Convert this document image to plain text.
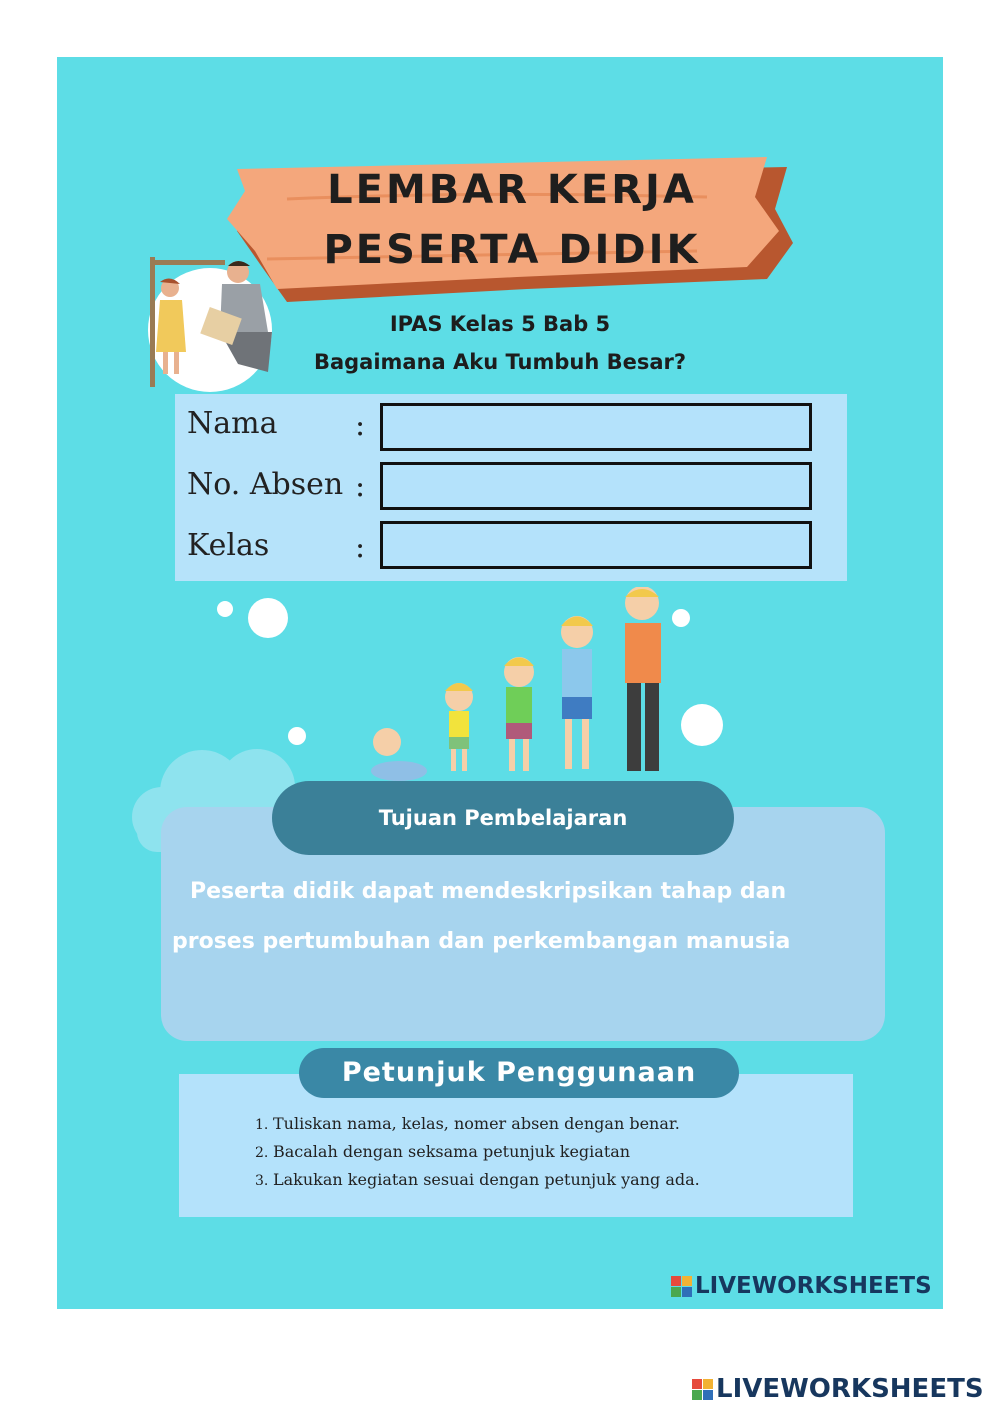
LEMBAR KERJA
PESERTA DIDIK
IPAS Kelas 5 Bab 5
Bagaimana Aku Tumbuh Besar?
Nama	:
No. Absen :
Kelas	:
Tujuan Pembelajaran
Peserta didik dapat mendeskripsikan tahap dan
proses pertumbuhan dan perkembangan manusia
Petunjuk Penggunaan
1. Tuliskan nama, kelas, nomer absen dengan benar.
2. Bacalah dengan seksama petunjuk kegiatan
3. Lakukan kegiatan sesuai dengan petunjuk yang ada.
LIVEWORKSHEETS
LIVEWORKSHEETS
